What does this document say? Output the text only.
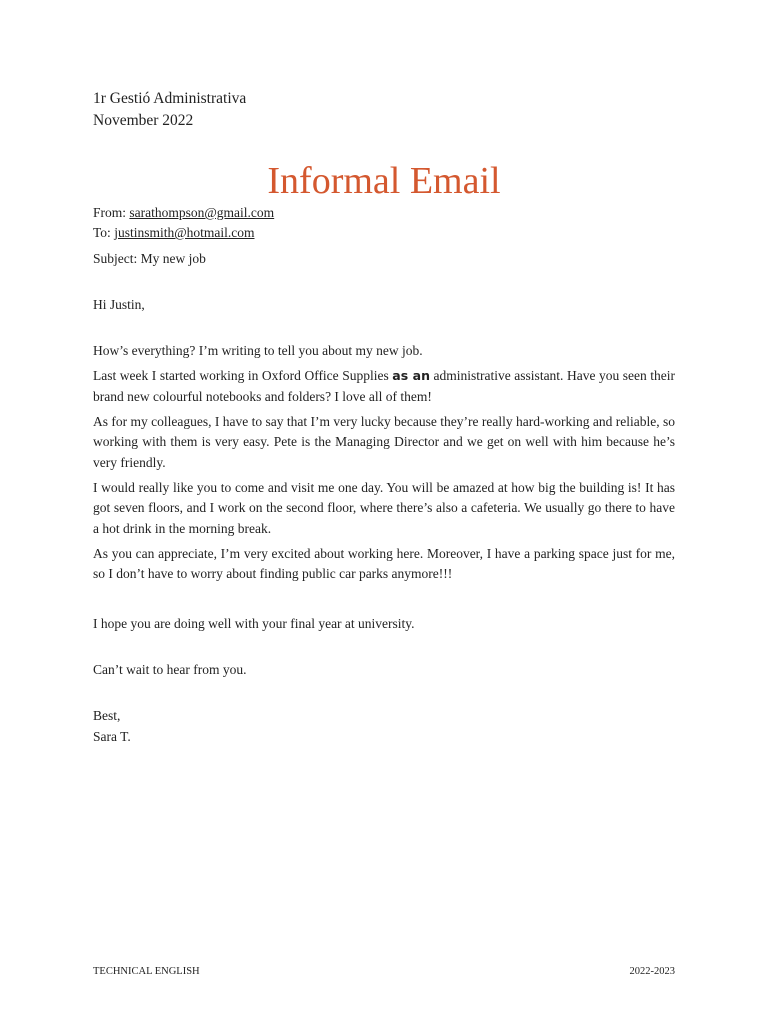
1r Gestió Administrativa
November 2022
Informal Email
From: sarathompson@gmail.com
To: justinsmith@hotmail.com
Subject: My new job

Hi Justin,

How’s everything? I’m writing to tell you about my new job.

Last week I started working in Oxford Office Supplies as an administrative assistant. Have you seen their brand new colourful notebooks and folders? I love all of them!

As for my colleagues, I have to say that I’m very lucky because they’re really hard-working and reliable, so working with them is very easy. Pete is the Managing Director and we get on well with him because he’s very friendly.

I would really like you to come and visit me one day. You will be amazed at how big the building is! It has got seven floors, and I work on the second floor, where there’s also a cafeteria. We usually go there to have a hot drink in the morning break.

As you can appreciate, I’m very excited about working here. Moreover, I have a parking space just for me, so I don’t have to worry about finding public car parks anymore!!!

I hope you are doing well with your final year at university.

Can’t wait to hear from you.

Best,

Sara T.

TECHNICAL ENGLISH	2022-2023
